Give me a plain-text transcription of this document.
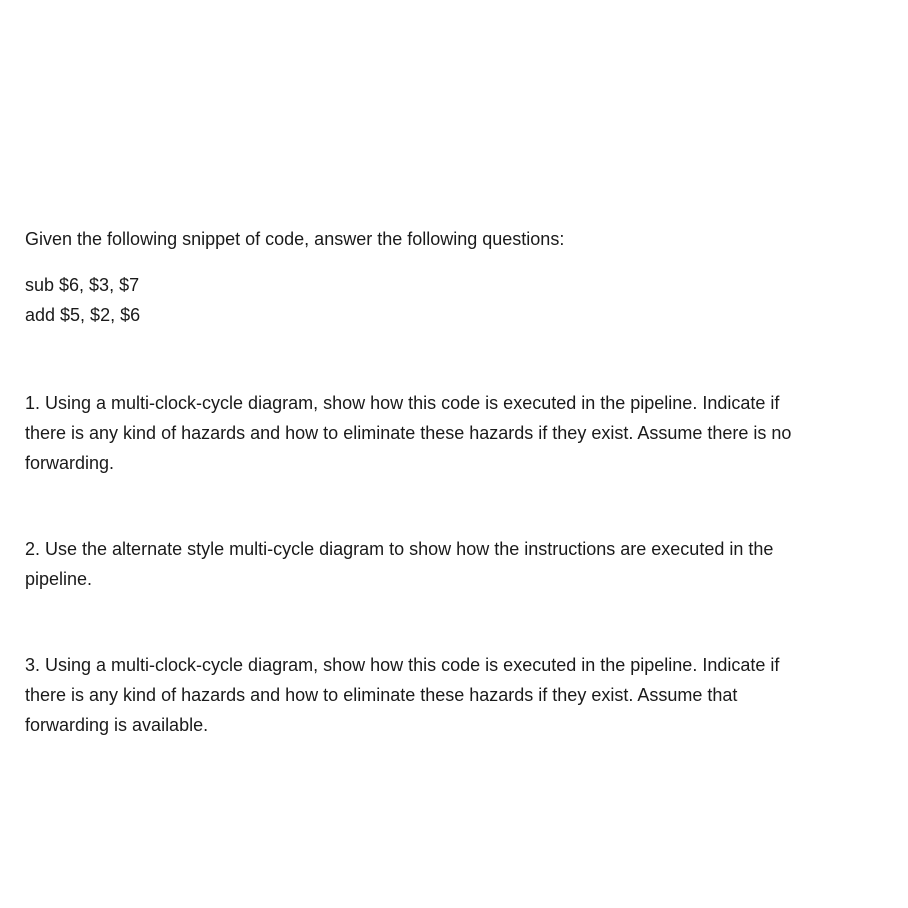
Given the following snippet of code, answer the following questions:
sub $6, $3, $7
add $5, $2, $6
1. Using a multi-clock-cycle diagram, show how this code is executed in the pipeline. Indicate if
there is any kind of hazards and how to eliminate these hazards if they exist. Assume there is no
forwarding.
2. Use the alternate style multi-cycle diagram to show how the instructions are executed in the
pipeline.
3. Using a multi-clock-cycle diagram, show how this code is executed in the pipeline. Indicate if
there is any kind of hazards and how to eliminate these hazards if they exist. Assume that
forwarding is available.
